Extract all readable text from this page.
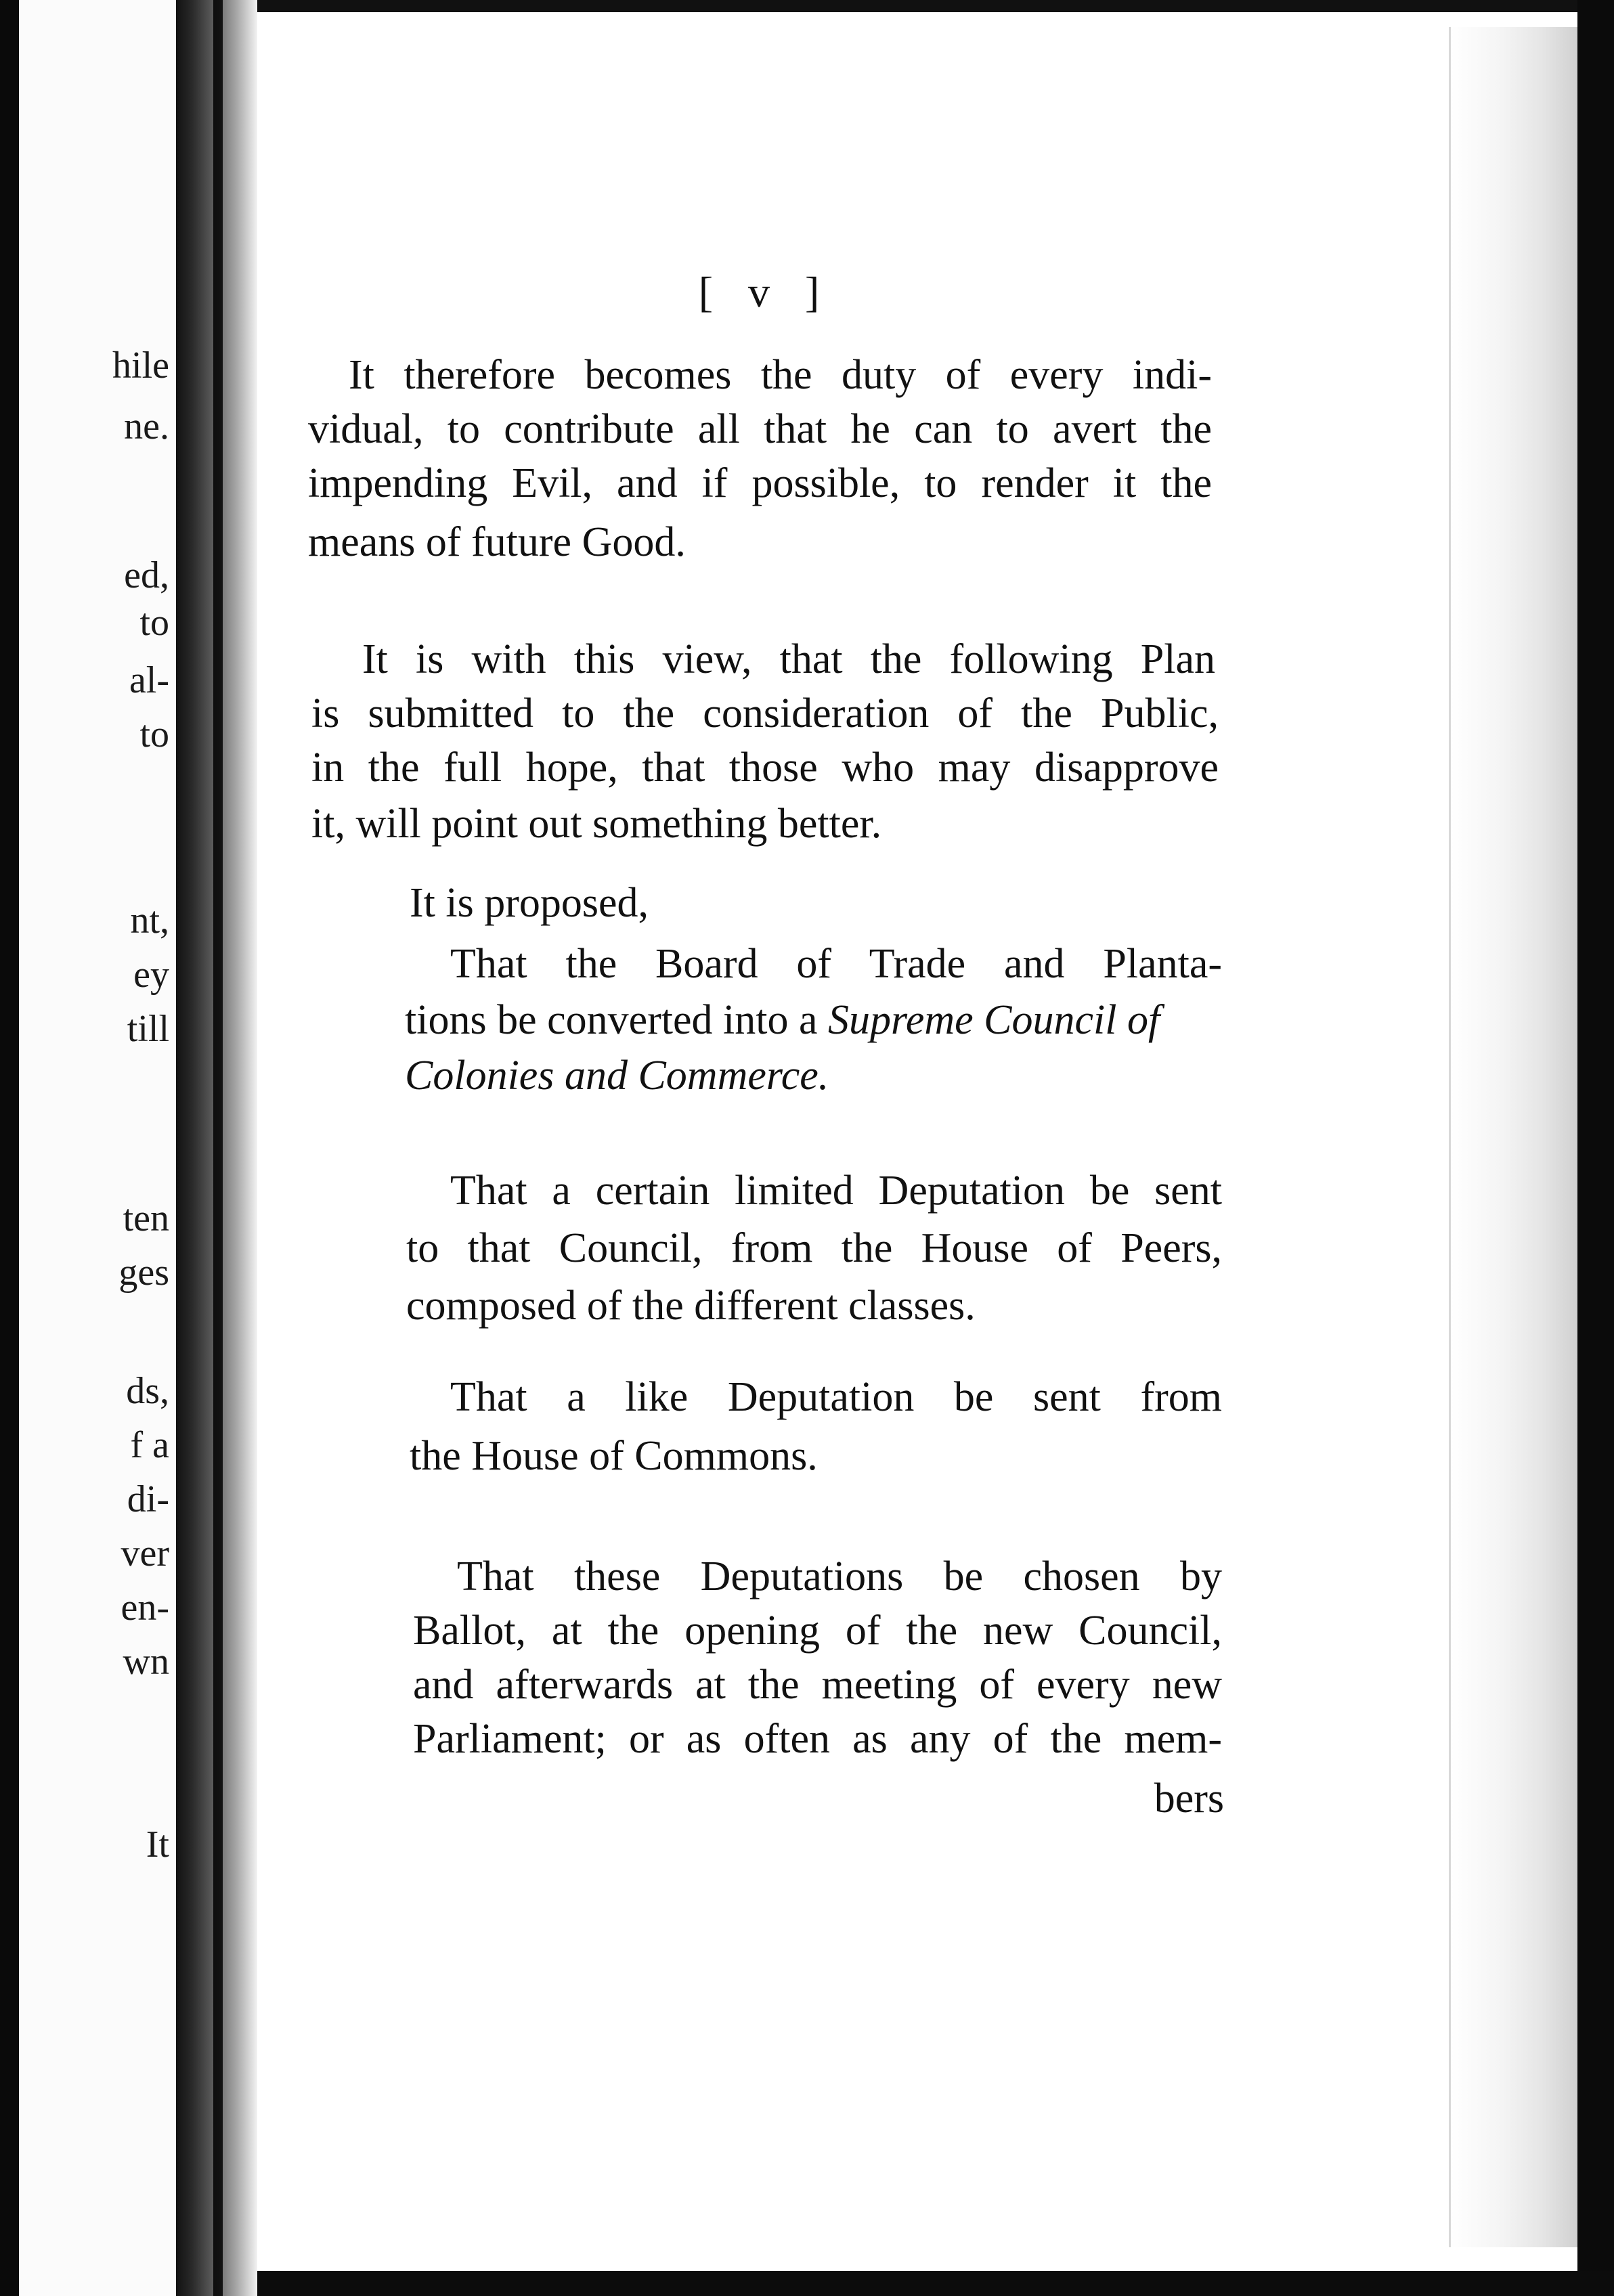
hile
ne.
ed,
to
al-
to
nt,
ey
till
ten
ges
ds,
f a
di-
ver
en-
wn
It
[ v ]
It therefore becomes the duty of every indi-
vidual, to contribute all that he can to avert the
impending Evil, and if possible, to render it the
means of future Good.
It is with this view, that the following Plan
is submitted to the consideration of the Public,
in the full hope, that those who may disapprove
it, will point out something better.
It is proposed,
That the Board of Trade and Planta-
tions be converted into a Supreme Council of
Colonies and Commerce.
That a certain limited Deputation be sent
to that Council, from the House of Peers,
composed of the different classes.
That a like Deputation be sent from
the House of Commons.
That these Deputations be chosen by
Ballot, at the opening of the new Council,
and afterwards at the meeting of every new
Parliament; or as often as any of the mem-
bers
